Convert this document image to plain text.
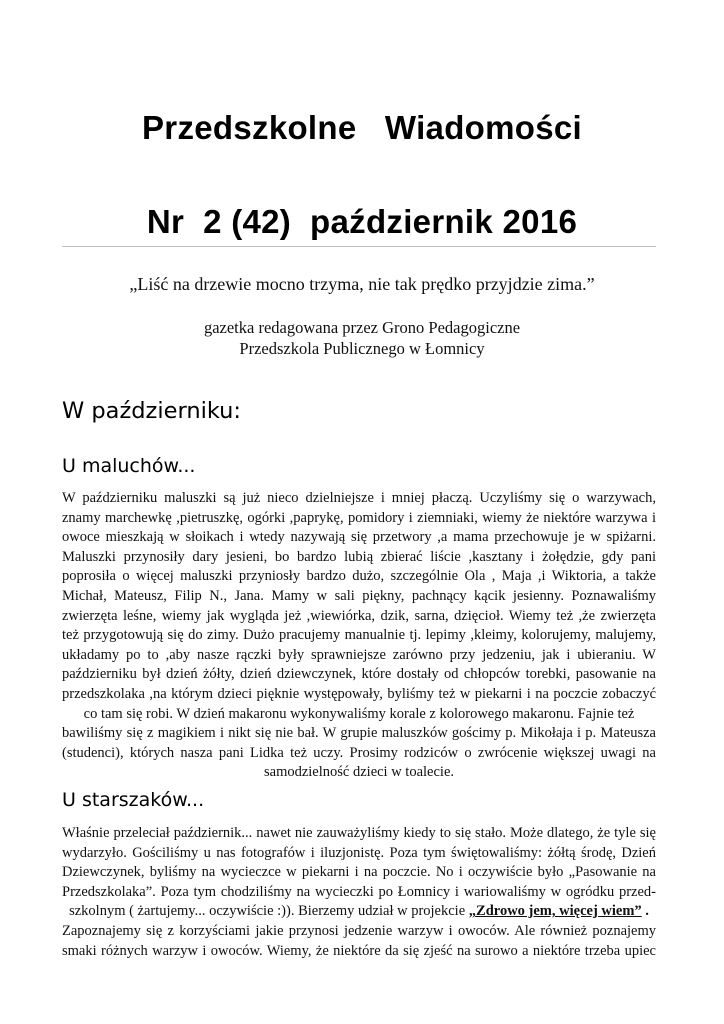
Przedszkolne   Wiadomości
Nr  2 (42)  październik 2016
„Liść na drzewie mocno trzyma, nie tak prędko przyjdzie zima.”
gazetka redagowana przez Grono Pedagogiczne
Przedszkola Publicznego w Łomnicy
W październiku:
U maluchów...
W październiku maluszki są już nieco dzielniejsze i mniej płaczą. Uczyliśmy się o warzywach,
znamy marchewkę ,pietruszkę, ogórki ,paprykę, pomidory i ziemniaki, wiemy że niektóre warzywa i
owoce mieszkają w słoikach i wtedy nazywają się przetwory ,a mama przechowuje je w spiżarni.
Maluszki przynosiły dary jesieni, bo bardzo lubią zbierać liście ,kasztany i żołędzie, gdy pani
poprosiła o więcej maluszki przyniosły bardzo dużo, szczególnie Ola , Maja ,i Wiktoria, a także
Michał, Mateusz, Filip N., Jana. Mamy w sali piękny, pachnący kącik jesienny. Poznawaliśmy
zwierzęta leśne, wiemy jak wygląda jeż ,wiewiórka, dzik, sarna, dzięcioł. Wiemy też ,że zwierzęta
też przygotowują się do zimy. Dużo pracujemy manualnie tj. lepimy ,kleimy, kolorujemy, malujemy,
układamy po to ,aby nasze rączki były sprawniejsze zarówno przy jedzeniu, jak i ubieraniu. W
październiku był dzień żółty, dzień dziewczynek, które dostały od chłopców torebki, pasowanie na
przedszkolaka ,na którym dzieci pięknie występowały, byliśmy też w piekarni i na poczcie zobaczyć
co tam się robi. W dzień makaronu wykonywaliśmy korale z kolorowego makaronu. Fajnie też
bawiliśmy się z magikiem i nikt się nie bał. W grupie maluszków gościmy p. Mikołaja i p. Mateusza
(studenci), których nasza pani Lidka też uczy. Prosimy rodziców o zwrócenie większej uwagi na
samodzielność dzieci w toalecie.
U starszaków...
Właśnie przeleciał październik... nawet nie zauważyliśmy kiedy to się stało. Może dlatego, że tyle się
wydarzyło. Gościliśmy u nas fotografów i iluzjonistę. Poza tym świętowaliśmy: żółtą środę, Dzień
Dziewczynek, byliśmy na wycieczce w piekarni i na poczcie. No i oczywiście było „Pasowanie na
Przedszkolaka”. Poza tym chodziliśmy na wycieczki po Łomnicy i wariowaliśmy w ogródku przed-
szkolnym ( żartujemy... oczywiście :)). Bierzemy udział w projekcie „Zdrowo jem, więcej wiem” .
Zapoznajemy się z korzyściami jakie przynosi jedzenie warzyw i owoców. Ale również poznajemy
smaki różnych warzyw i owoców. Wiemy, że niektóre da się zjeść na surowo a niektóre trzeba upiec
